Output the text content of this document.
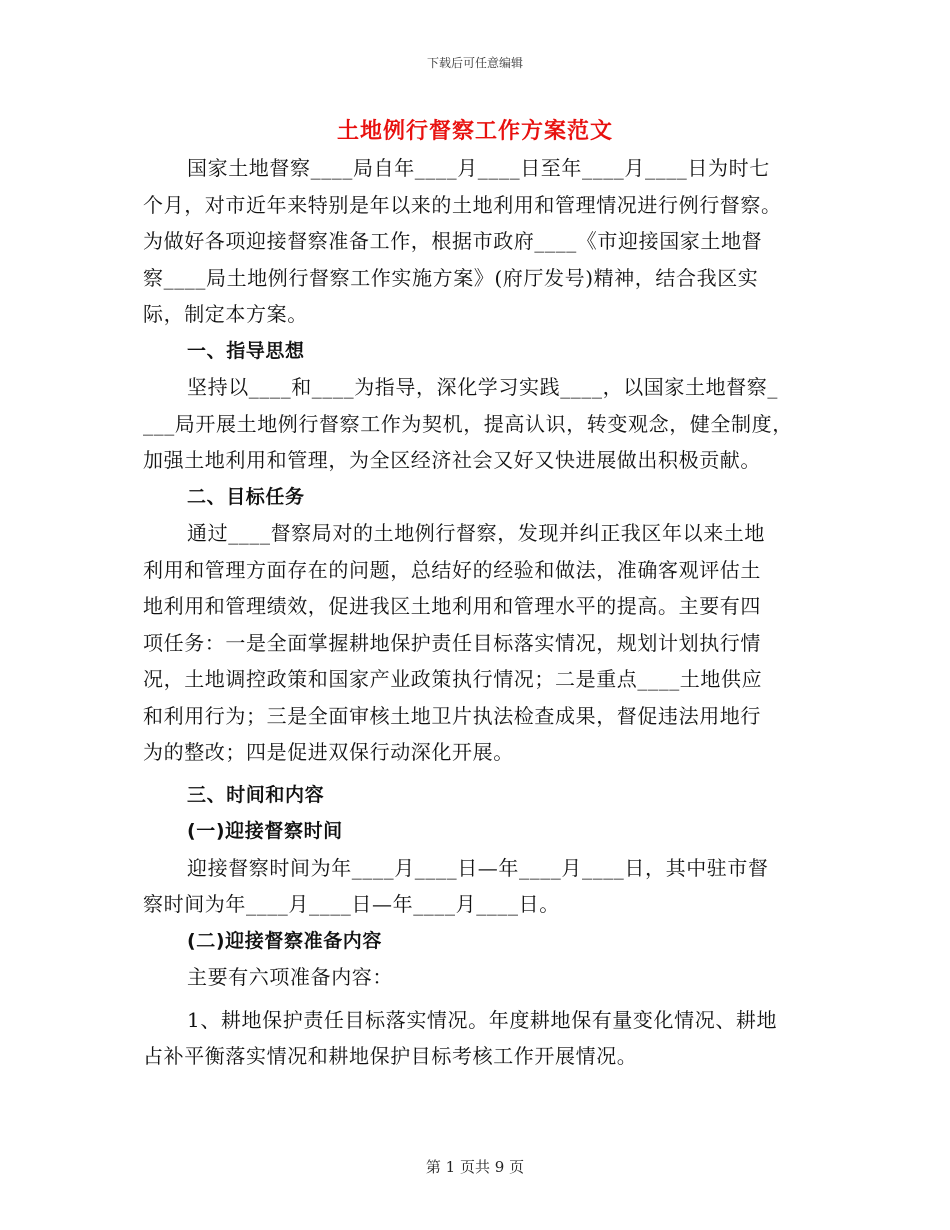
下载后可任意编辑
土地例行督察工作方案范文
国家土地督察____局自年____月____日至年____月____日为时七
个月，对市近年来特别是年以来的土地利用和管理情况进行例行督察。
为做好各项迎接督察准备工作，根据市政府____《市迎接国家土地督
察____局土地例行督察工作实施方案》(府厅发号)精神，结合我区实
际，制定本方案。
一、指导思想
坚持以____和____为指导，深化学习实践____，以国家土地督察_
___局开展土地例行督察工作为契机，提高认识，转变观念，健全制度，
加强土地利用和管理，为全区经济社会又好又快进展做出积极贡献。
二、目标任务
通过____督察局对的土地例行督察，发现并纠正我区年以来土地
利用和管理方面存在的问题，总结好的经验和做法，准确客观评估土
地利用和管理绩效，促进我区土地利用和管理水平的提高。主要有四
项任务：一是全面掌握耕地保护责任目标落实情况，规划计划执行情
况，土地调控政策和国家产业政策执行情况；二是重点____土地供应
和利用行为；三是全面审核土地卫片执法检查成果，督促违法用地行
为的整改；四是促进双保行动深化开展。
三、时间和内容
(一)迎接督察时间
迎接督察时间为年____月____日—年____月____日，其中驻市督
察时间为年____月____日—年____月____日。
(二)迎接督察准备内容
主要有六项准备内容：
1、耕地保护责任目标落实情况。年度耕地保有量变化情况、耕地
占补平衡落实情况和耕地保护目标考核工作开展情况。
第 1 页共 9 页
